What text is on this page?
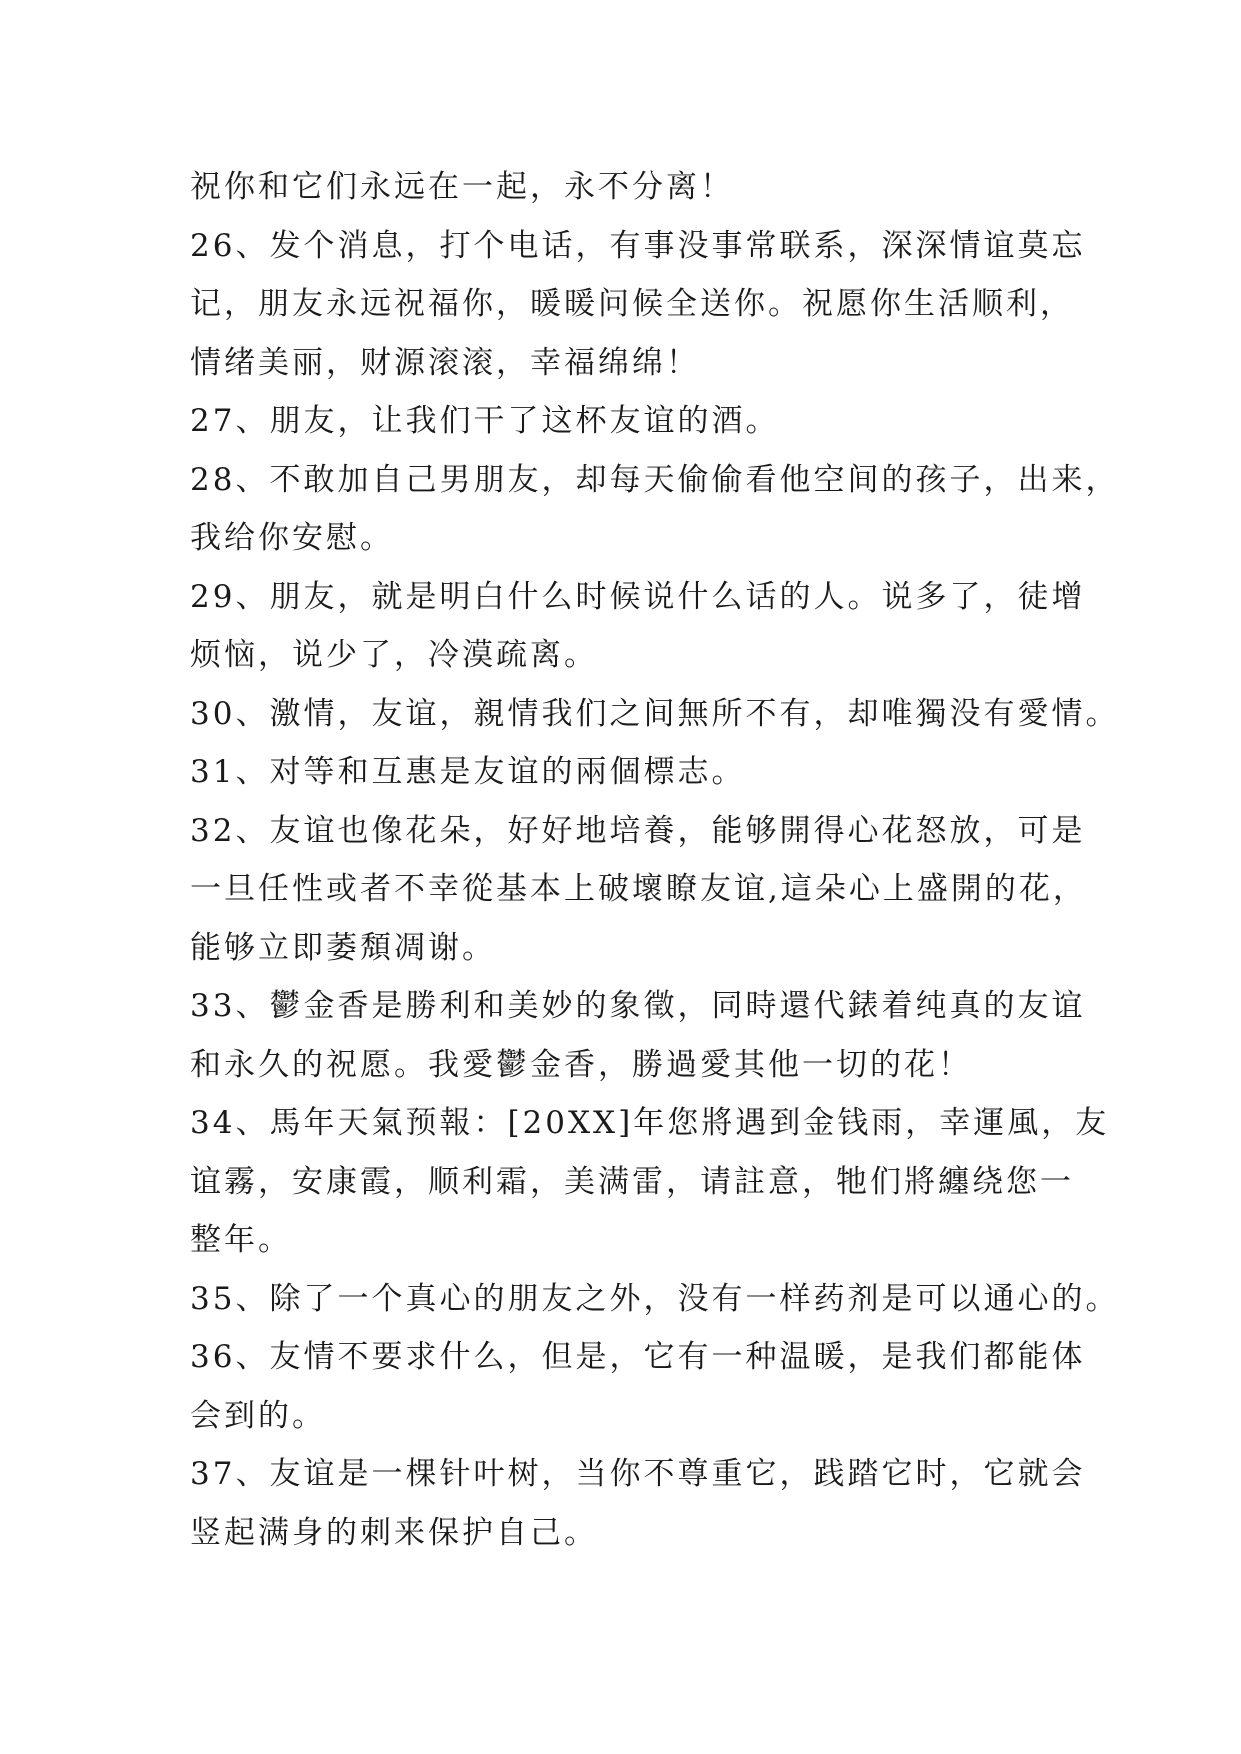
祝你和它们永远在一起，永不分离！
26、发个消息，打个电话，有事没事常联系，深深情谊莫忘
记，朋友永远祝福你，暖暖问候全送你。祝愿你生活顺利，
情绪美丽，财源滚滚，幸福绵绵！
27、朋友，让我们干了这杯友谊的酒。
28、不敢加自己男朋友，却每天偷偷看他空间的孩子，出来，
我给你安慰。
29、朋友，就是明白什么时候说什么话的人。说多了，徒增
烦恼，说少了，冷漠疏离。
30、激情，友谊，親情我们之间無所不有，却唯獨没有愛情。
31、对等和互惠是友谊的兩個標志。
32、友谊也像花朵，好好地培養，能够開得心花怒放，可是
一旦任性或者不幸從基本上破壞瞭友谊,這朵心上盛開的花，
能够立即萎頽凋谢。
33、鬱金香是勝利和美妙的象徵，同時還代錶着纯真的友谊
和永久的祝愿。我愛鬱金香，勝過愛其他一切的花！
34、馬年天氣预報：[20XX]年您將遇到金钱雨，幸運風，友
谊霧，安康霞，顺利霜，美满雷，请註意，牠们將纏绕您一
整年。
35、除了一个真心的朋友之外，没有一样药剂是可以通心的。
36、友情不要求什么，但是，它有一种温暖，是我们都能体
会到的。
37、友谊是一棵针叶树，当你不尊重它，践踏它时，它就会
竖起满身的刺来保护自己。
